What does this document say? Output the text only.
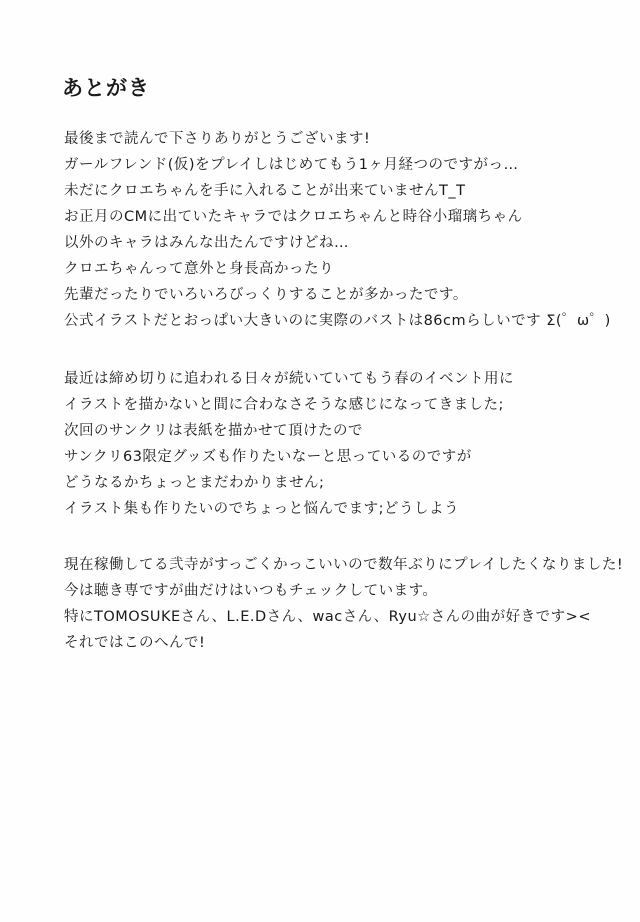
あとがき
最後まで読んで下さりありがとうございます!
ガールフレンド(仮)をプレイしはじめてもう1ヶ月経つのですがっ…
未だにクロエちゃんを手に入れることが出来ていませんT_T
お正月のCMに出ていたキャラではクロエちゃんと時谷小瑠璃ちゃん
以外のキャラはみんな出たんですけどね…
クロエちゃんって意外と身長高かったり
先輩だったりでいろいろびっくりすることが多かったです。
公式イラストだとおっぱい大きいのに実際のバストは86cmらしいです Σ(゜ω゜)
最近は締め切りに追われる日々が続いていてもう春のイベント用に
イラストを描かないと間に合わなさそうな感じになってきました;
次回のサンクリは表紙を描かせて頂けたので
サンクリ63限定グッズも作りたいなーと思っているのですが
どうなるかちょっとまだわかりません;
イラスト集も作りたいのでちょっと悩んでます;どうしよう
現在稼働してる弐寺がすっごくかっこいいので数年ぶりにプレイしたくなりました!
今は聴き専ですが曲だけはいつもチェックしています。
特にTOMOSUKEさん、L.E.Dさん、wacさん、Ryu☆さんの曲が好きです><
それではこのへんで!
